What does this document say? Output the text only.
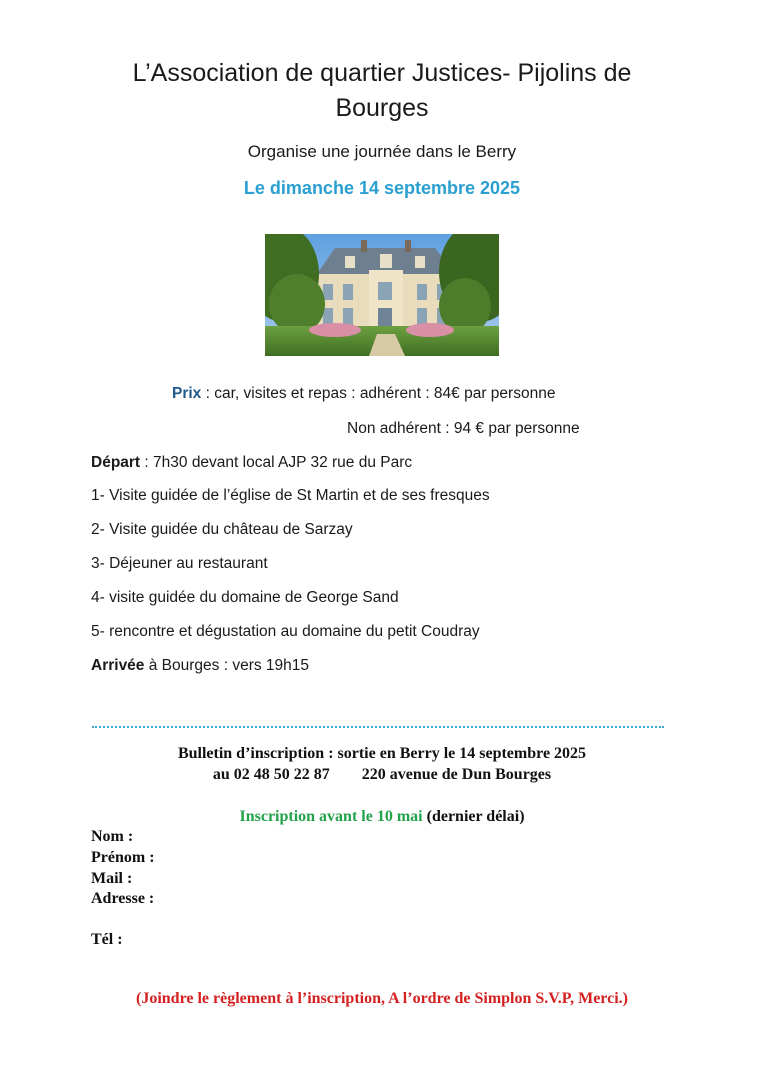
L’Association de quartier Justices- Pijolins de
Bourges
Organise une journée dans le Berry
Le dimanche 14 septembre 2025
Prix : car, visites et repas : adhérent : 84€ par personne
Non adhérent : 94 € par personne
Départ : 7h30 devant local AJP 32 rue du Parc
1- Visite guidée de l’église de St Martin et de ses fresques
2- Visite guidée du château de Sarzay
3- Déjeuner au restaurant
4- visite guidée du domaine de George Sand
5- rencontre et dégustation au domaine du petit Coudray
Arrivée à Bourges : vers 19h15
Bulletin d’inscription : sortie en Berry le 14 septembre 2025
au 02 48 50 22 87 220 avenue de Dun Bourges
Inscription avant le 10 mai (dernier délai)
Nom :
Prénom :
Mail :
Adresse :
Tél :
(Joindre le règlement à l’inscription, A l’ordre de Simplon S.V.P, Merci.)
